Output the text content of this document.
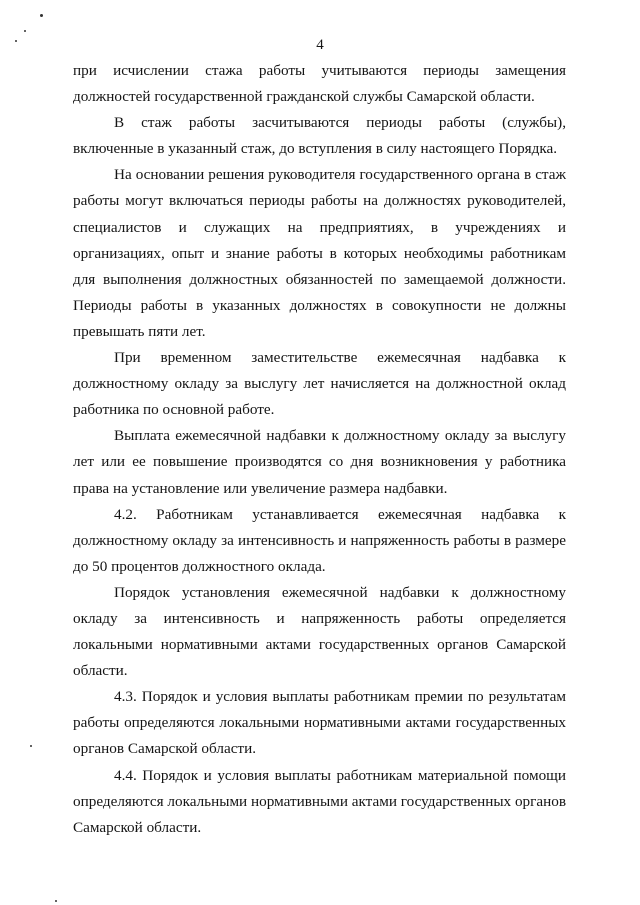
4

при исчислении стажа работы учитываются периоды замещения должностей государственной гражданской службы Самарской области.

В стаж работы засчитываются периоды работы (службы), включенные в указанный стаж, до вступления в силу настоящего Порядка.

На основании решения руководителя государственного органа в стаж работы могут включаться периоды работы на должностях руководителей, специалистов и служащих на предприятиях, в учреждениях и организациях, опыт и знание работы в которых необходимы работникам для выполнения должностных обязанностей по замещаемой должности. Периоды работы в указанных должностях в совокупности не должны превышать пяти лет.

При временном заместительстве ежемесячная надбавка к должностному окладу за выслугу лет начисляется на должностной оклад работника по основной работе.

Выплата ежемесячной надбавки к должностному окладу за выслугу лет или ее повышение производятся со дня возникновения у работника права на установление или увеличение размера надбавки.

4.2. Работникам устанавливается ежемесячная надбавка к должностному окладу за интенсивность и напряженность работы в размере до 50 процентов должностного оклада.

Порядок установления ежемесячной надбавки к должностному окладу за интенсивность и напряженность работы определяется локальными нормативными актами государственных органов Самарской области.

4.3. Порядок и условия выплаты работникам премии по результатам работы определяются локальными нормативными актами государственных органов Самарской области.

4.4. Порядок и условия выплаты работникам материальной помощи определяются локальными нормативными актами государственных органов Самарской области.
